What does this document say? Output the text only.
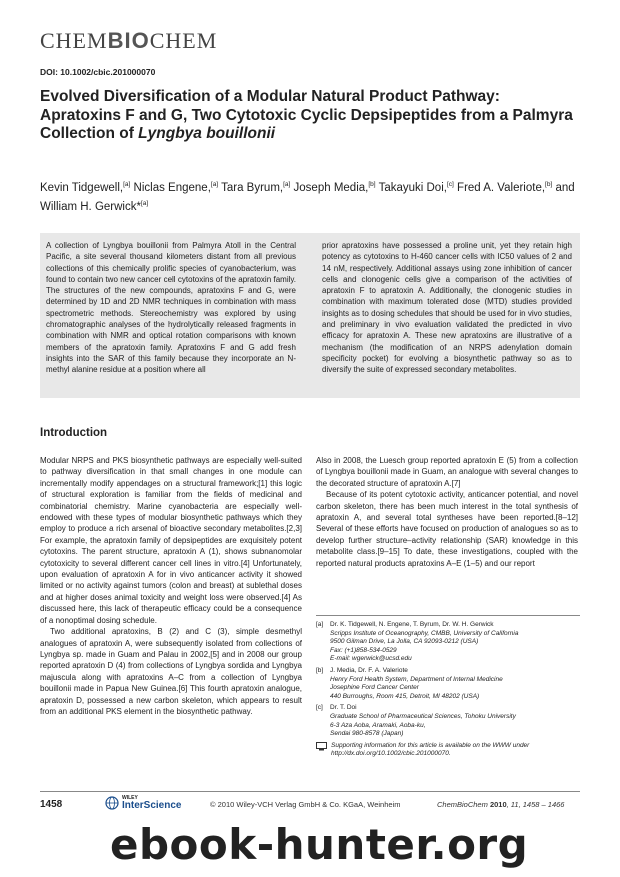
CHEMBIOCHEM
DOI: 10.1002/cbic.201000070
Evolved Diversification of a Modular Natural Product Pathway: Apratoxins F and G, Two Cytotoxic Cyclic Depsipeptides from a Palmyra Collection of Lyngbya bouillonii
Kevin Tidgewell,[a] Niclas Engene,[a] Tara Byrum,[a] Joseph Media,[b] Takayuki Doi,[c] Fred A. Valeriote,[b] and William H. Gerwick*[a]
A collection of Lyngbya bouillonii from Palmyra Atoll in the Central Pacific, a site several thousand kilometers distant from all previous collections of this chemically prolific species of cyanobacterium, was found to contain two new cancer cell cytotoxins of the apratoxin family. The structures of the new compounds, apratoxins F and G, were determined by 1D and 2D NMR techniques in combination with mass spectrometric methods. Stereochemistry was explored by using chromatographic analyses of the hydrolytically released fragments in combination with NMR and optical rotation comparisons with known members of the apratoxin family. Apratoxins F and G add fresh insights into the SAR of this family because they incorporate an N-methyl alanine residue at a position where all
prior apratoxins have possessed a proline unit, yet they retain high potency as cytotoxins to H-460 cancer cells with IC50 values of 2 and 14 nM, respectively. Additional assays using zone inhibition of cancer cells and clonogenic cells give a comparison of the activities of apratoxin F to apratoxin A. Additionally, the clonogenic studies in combination with maximum tolerated dose (MTD) studies provided insights as to dosing schedules that should be used for in vivo studies, and preliminary in vivo evaluation validated the predicted in vivo efficacy for apratoxin A. These new apratoxins are illustrative of a mechanism (the modification of an NRPS adenylation domain specificity pocket) for evolving a biosynthetic pathway so as to diversify the suite of expressed secondary metabolites.
Introduction

Modular NRPS and PKS biosynthetic pathways are especially well-suited to pathway diversification in that small changes in one module can incrementally modify appendages on a structural framework;[1] this logic of structural exploration is familiar from the fields of medicinal and combinatorial chemistry. Marine cyanobacteria are especially well-endowed with these types of modular biosynthetic pathways which they employ to produce a rich arsenal of bioactive secondary metabolites.[2,3] For example, the apratoxin family of depsipeptides are exquisitely potent cytotoxins. The parent structure, apratoxin A (1), shows subnanomolar cytotoxicity to several different cancer cell lines in vitro.[4] Unfortunately, upon evaluation of apratoxin A for in vivo anticancer activity it showed limited or no activity against tumors (colon and breast) at sublethal doses and at higher doses animal toxicity and weight loss were observed.[4] As discussed here, this lack of therapeutic efficacy could be a consequence of a nonoptimal dosing schedule.

Two additional apratoxins, B (2) and C (3), simple desmethyl analogues of apratoxin A, were subsequently isolated from collections of Lyngbya sp. made in Guam and Palau in 2002,[5] and in 2008 our group reported apratoxin D (4) from collections of Lyngbya sordida and Lyngbya majuscula along with apratoxins A–C from a collection of Lyngbya bouillonii made in Papua New Guinea.[6] This fourth apratoxin analogue, apratoxin D, possessed a new carbon skeleton, which appears to result from an additional PKS element in the biosynthetic pathway.

Also in 2008, the Luesch group reported apratoxin E (5) from a collection of Lyngbya bouillonii made in Guam, an analogue with several changes to the decorated structure of apratoxin A.[7]

Because of its potent cytotoxic activity, anticancer potential, and novel carbon skeleton, there has been much interest in the total synthesis of apratoxin A, and several total syntheses have been reported.[8–12] Several of these efforts have focused on production of analogues so as to develop further structure–activity relationship (SAR) knowledge in this metabolite class.[9–15] To date, these investigations, coupled with the reported natural products apratoxins A–E (1–5) and our report

[a]	Dr. K. Tidgewell, N. Engene, T. Byrum, Dr. W. H. Gerwick
Scripps Institute of Oceanography, CMBB, University of California
9500 Gilman Drive, La Jolla, CA 92093-0212 (USA)
Fax: (+1)858-534-0529
E-mail: wgerwick@ucsd.edu
[b]	J. Media, Dr. F. A. Valeriote
Henry Ford Health System, Department of Internal Medicine
Josephine Ford Cancer Center
440 Burroughs, Room 415, Detroit, MI 48202 (USA)
[c]	Dr. T. Doi
Graduate School of Pharmaceutical Sciences, Tohoku University
6-3 Aza Aoba, Aramaki, Aoba-ku,
Sendai 980-8578 (Japan)
Supporting information for this article is available on the WWW under
http://dx.doi.org/10.1002/cbic.201000070.
1458
WILEY
InterScience	© 2010 Wiley-VCH Verlag GmbH & Co. KGaA, Weinheim	ChemBioChem 2010, 11, 1458 – 1466
ebook-hunter.org
